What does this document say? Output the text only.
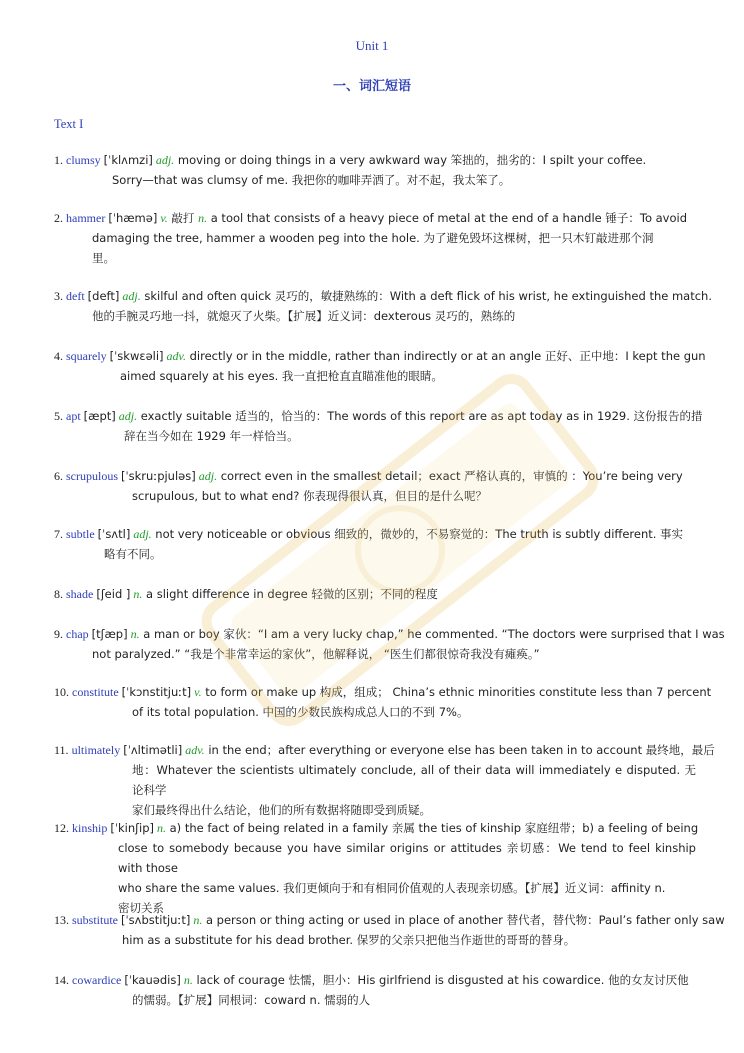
Unit 1
一、词汇短语
Text I
1. clumsy [ˈklʌmzi] adj. moving or doing things in a very awkward way 笨拙的，拙劣的：I spilt your coffee.
Sorry—that was clumsy of me. 我把你的咖啡弄洒了。对不起，我太笨了。
2. hammer [ˈhæmə] v. 敲打 n. a tool that consists of a heavy piece of metal at the end of a handle 锤子：To avoid
damaging the tree, hammer a wooden peg into the hole. 为了避免毁坏这棵树，把一只木钉敲进那个洞
里。
3. deft [deft] adj. skilful and often quick 灵巧的，敏捷熟练的：With a deft flick of his wrist, he extinguished the match.
他的手腕灵巧地一抖，就熄灭了火柴。【扩展】近义词：dexterous 灵巧的，熟练的
4. squarely [ˈskwɛəli] adv. directly or in the middle, rather than indirectly or at an angle 正好、正中地：I kept the gun
aimed squarely at his eyes. 我一直把枪直直瞄准他的眼睛。
5. apt [æpt] adj. exactly suitable 适当的，恰当的：The words of this report are as apt today as in 1929. 这份报告的措
辞在当今如在 1929 年一样恰当。
6. scrupulous [ˈskruːpjuləs] adj. correct even in the smallest detail；exact 严格认真的，审慎的 ：You’re being very
scrupulous, but to what end? 你表现得很认真，但目的是什么呢？
7. subtle [ˈsʌtl] adj. not very noticeable or obvious 细致的，微妙的，不易察觉的：The truth is subtly different. 事实
略有不同。
8. shade [ʃeid ] n. a slight difference in degree 轻微的区别；不同的程度
9. chap [tʃæp] n. a man or boy 家伙：“I am a very lucky chap,” he commented. “The doctors were surprised that I was
not paralyzed.” “我是个非常幸运的家伙”，他解释说， “医生们都很惊奇我没有瘫痪。”
10. constitute [ˈkɔnstitjuːt] v. to form or make up 构成，组成； China’s ethnic minorities constitute less than 7 percent
of its total population. 中国的少数民族构成总人口的不到 7%。
11. ultimately [ˈʌltimətli] adv. in the end；after everything or everyone else has been taken in to account 最终地，最后
地：Whatever the scientists ultimately conclude, all of their data will immediately e disputed. 无论科学
家们最终得出什么结论，他们的所有数据将随即受到质疑。
12. kinship [ˈkinʃip] n. a) the fact of being related in a family 亲属 the ties of kinship 家庭纽带；b) a feeling of being
close to somebody because you have similar origins or attitudes 亲切感：We tend to feel kinship with those
who share the same values. 我们更倾向于和有相同价值观的人表现亲切感。【扩展】近义词：affinity n.
密切关系
13. substitute [ˈsʌbstitjuːt] n. a person or thing acting or used in place of another 替代者，替代物：Paul’s father only saw
him as a substitute for his dead brother. 保罗的父亲只把他当作逝世的哥哥的替身。
14. cowardice [ˈkauədis] n. lack of courage 怯懦，胆小：His girlfriend is disgusted at his cowardice. 他的女友讨厌他
的懦弱。【扩展】同根词：coward n. 懦弱的人
